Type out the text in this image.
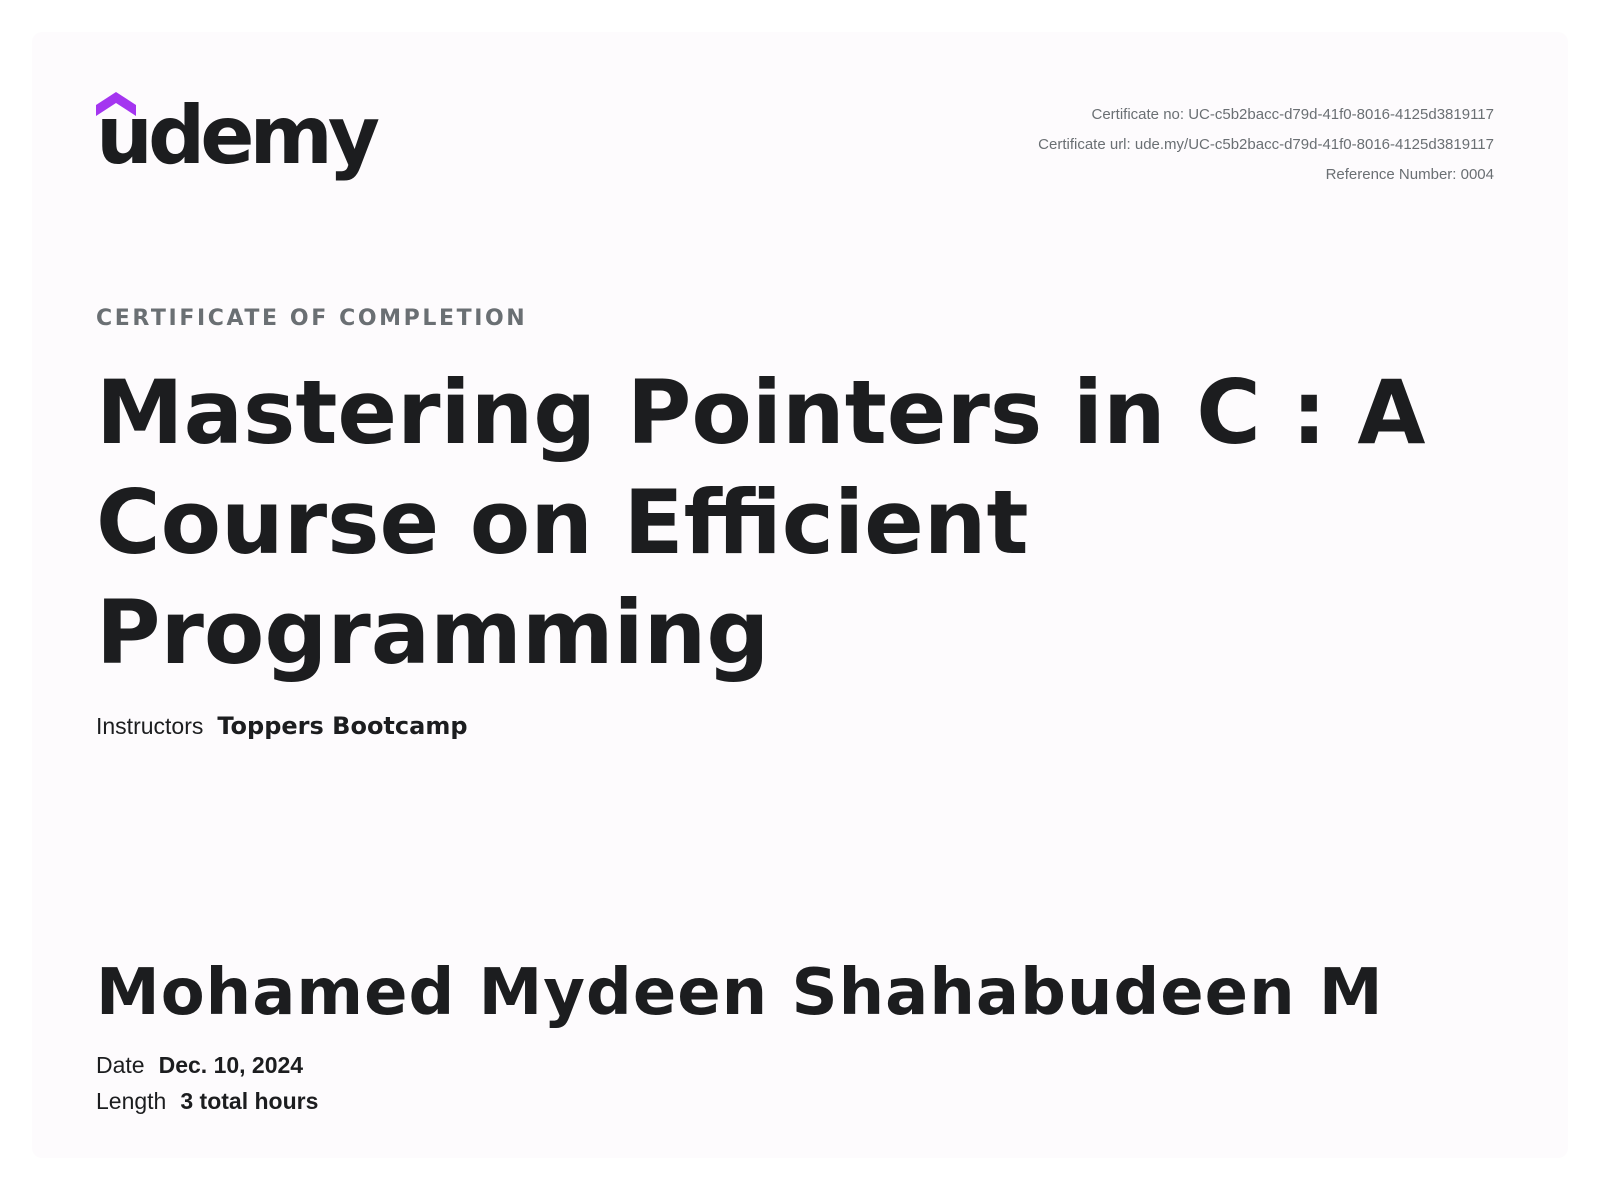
udemy	Certificate no: UC-c5b2bacc-d79d-41f0-8016-4125d3819117
Certificate url: ude.my/UC-c5b2bacc-d79d-41f0-8016-4125d3819117
Reference Number: 0004
CERTIFICATE OF COMPLETION
Mastering Pointers in C : A Course on Efficient Programming
Instructors Toppers Bootcamp
Mohamed Mydeen Shahabudeen M
Date Dec. 10, 2024
Length 3 total hours
